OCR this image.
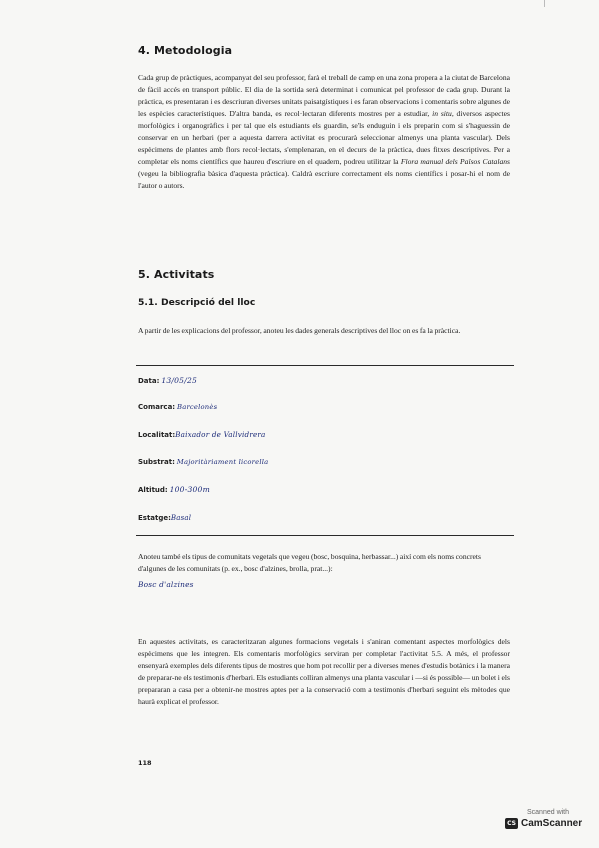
4. Metodologia

Cada grup de pràctiques, acompanyat del seu professor, farà el treball de camp en una zona propera a la ciutat de Barcelona de fàcil accés en transport públic. El dia de la sortida serà determinat i comunicat pel professor de cada grup. Durant la pràctica, es presentaran i es descriuran diverses unitats paisatgístiques i es faran observacions i comentaris sobre algunes de les espècies característiques. D'altra banda, es recol·lectaran diferents mostres per a estudiar, in situ, diversos aspectes morfològics i organogràfics i per tal que els estudiants els guardin, se'ls enduguin i els preparin com si s'haguessin de conservar en un herbari (per a aquesta darrera activitat es procurarà seleccionar almenys una planta vascular). Dels espècimens de plantes amb flors recol·lectats, s'emplenaran, en el decurs de la pràctica, dues fitxes descriptives. Per a completar els noms científics que haureu d'escriure en el quadern, podreu utilitzar la Flora manual dels Països Catalans (vegeu la bibliografia bàsica d'aquesta pràctica). Caldrà escriure correctament els noms científics i posar-hi el nom de l'autor o autors.

5. Activitats
5.1. Descripció del lloc

A partir de les explicacions del professor, anoteu les dades generals descriptives del lloc on es fa la pràctica.

Data: 13/05/25
Comarca: Barcelonès
Localitat:Baixador de Vallvidrera
Substrat: Majoritàriament licorella
Altitud: 100-300m
Estatge:Basal

Anoteu també els tipus de comunitats vegetals que vegeu (bosc, bosquina, herbassar...) així com els noms concrets d'algunes de les comunitats (p. ex., bosc d'alzines, brolla, prat...):

Bosc d'alzines

En aquestes activitats, es caracteritzaran algunes formacions vegetals i s'aniran comentant aspectes morfològics dels espècimens que les integren. Els comentaris morfològics serviran per completar l'activitat 5.5. A més, el professor ensenyarà exemples dels diferents tipus de mostres que hom pot recollir per a diverses menes d'estudis botànics i la manera de preparar-ne els testimonis d'herbari. Els estudiants colliran almenys una planta vascular i —si és possible— un bolet i els prepararan a casa per a obtenir-ne mostres aptes per a la conservació com a testimonis d'herbari seguint els mètodes que haurà explicat el professor.

118
Scanned with
CS CamScanner
